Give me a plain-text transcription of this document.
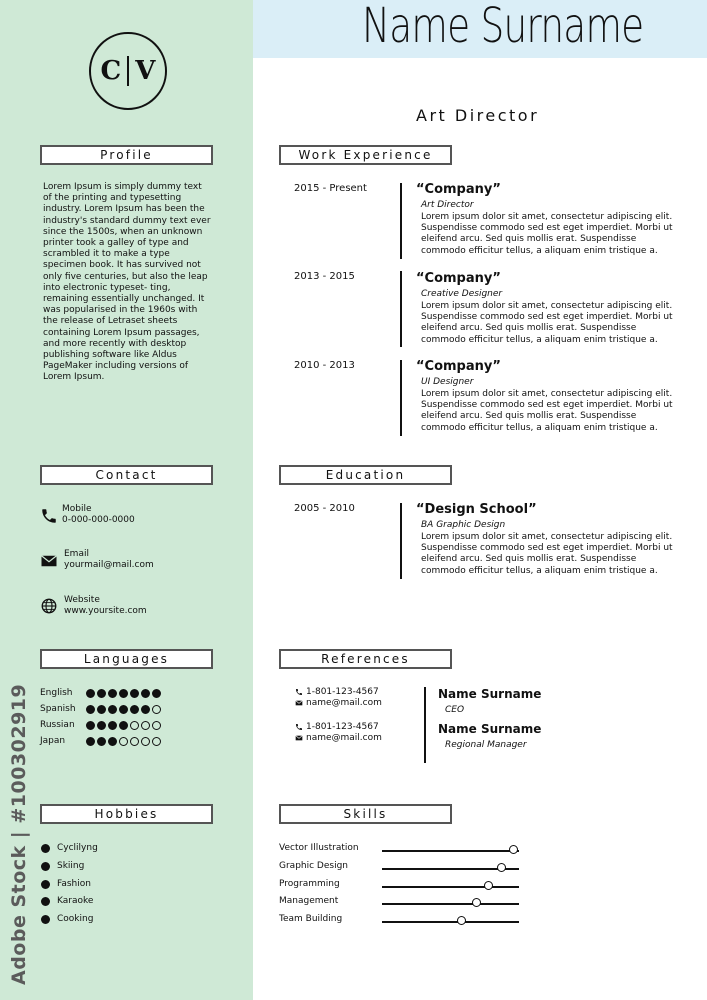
Name Surname
Art Director
C V
Profile	Work Experience
Contact	Education
Languages	References
Hobbies	Skills
Lorem Ipsum is simply dummy text of the printing and typesetting industry. Lorem Ipsum has been the industry's standard dummy text ever since the 1500s, when an unknown printer took a galley of type and scrambled it to make a type specimen book. It has survived not only five centuries, but also the leap into electronic typeset- ting, remaining essentially unchanged. It was popularised in the 1960s with the release of Letraset sheets containing Lorem Ipsum passages, and more recently with desktop publishing software like Aldus PageMaker including versions of Lorem Ipsum.
2015 - Present	“Company”
Art Director
Lorem ipsum dolor sit amet, consectetur adipiscing elit. Suspendisse commodo sed est eget imperdiet. Morbi ut eleifend arcu. Sed quis mollis erat. Suspendisse commodo efficitur tellus, a aliquam enim tristique a.
2013 - 2015	“Company”
Creative Designer
Lorem ipsum dolor sit amet, consectetur adipiscing elit. Suspendisse commodo sed est eget imperdiet. Morbi ut eleifend arcu. Sed quis mollis erat. Suspendisse commodo efficitur tellus, a aliquam enim tristique a.
2010 - 2013	“Company”
UI Designer
Lorem ipsum dolor sit amet, consectetur adipiscing elit. Suspendisse commodo sed est eget imperdiet. Morbi ut eleifend arcu. Sed quis mollis erat. Suspendisse commodo efficitur tellus, a aliquam enim tristique a.
2005 - 2010	“Design School”
BA Graphic Design
Lorem ipsum dolor sit amet, consectetur adipiscing elit. Suspendisse commodo sed est eget imperdiet. Morbi ut eleifend arcu. Sed quis mollis erat. Suspendisse commodo efficitur tellus, a aliquam enim tristique a.
Mobile
0-000-000-0000
Email
yourmail@mail.com
Website
www.yoursite.com
English
Spanish
Russian
Japan
1-801-123-4567
name@mail.com
1-801-123-4567
name@mail.com
Name Surname
CEO
Name Surname
Regional Manager
Cyclilyng
Skiing
Fashion
Karaoke
Cooking
Vector Illustration
Graphic Design
Programming
Management
Team Building
Adobe Stock | #100302919
